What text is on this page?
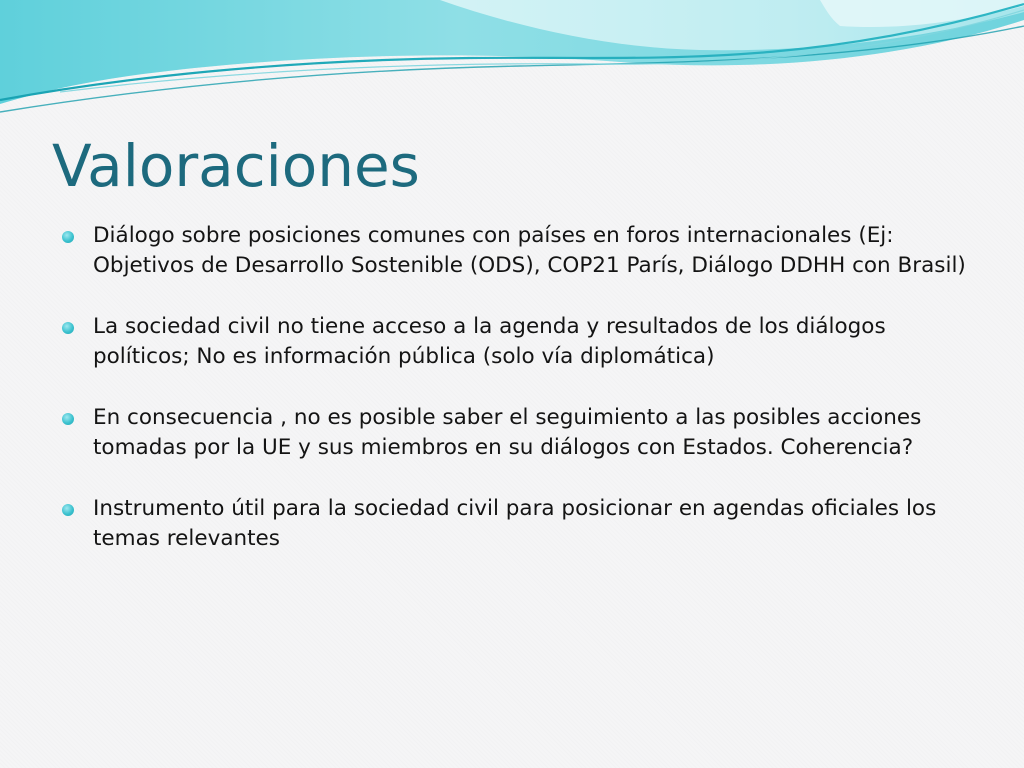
Valoraciones
Diálogo sobre posiciones comunes con países en foros internacionales (Ej: Objetivos de Desarrollo Sostenible (ODS), COP21 París, Diálogo DDHH con Brasil)
La sociedad civil no tiene acceso a la agenda y resultados de los diálogos políticos; No es información pública (solo vía diplomática)
En consecuencia , no es posible saber el seguimiento a las posibles acciones tomadas por la UE y sus miembros en su diálogos con Estados. Coherencia?
Instrumento útil para la sociedad civil para posicionar en agendas oficiales los temas relevantes
